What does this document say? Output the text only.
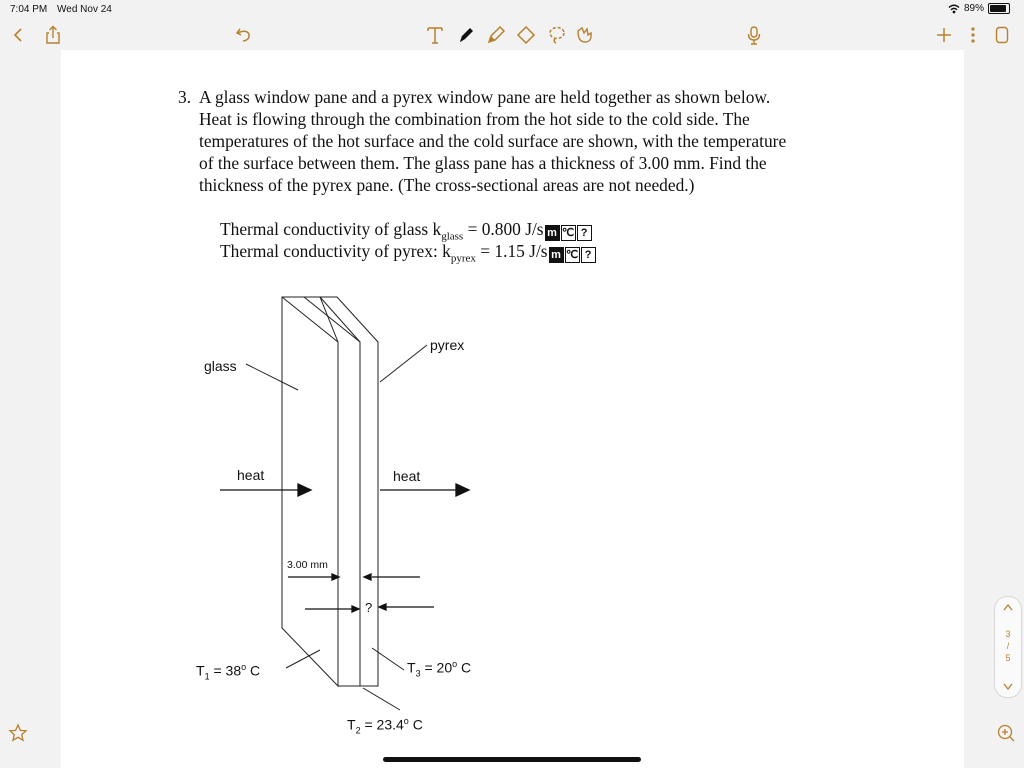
7:04 PM Wed Nov 24	89%
3. A glass window pane and a pyrex window pane are held together as shown below.
Heat is flowing through the combination from the hot side to the cold side. The
temperatures of the hot surface and the cold surface are shown, with the temperature
of the surface between them. The glass pane has a thickness of 3.00 mm. Find the
thickness of the pyrex pane. (The cross-sectional areas are not needed.)
Thermal conductivity of glass $k_{glass} = 0.800$ J/s m ℃ ?
Thermal conductivity of pyrex: $k_{pyrex} = 1.15$ J/s m ℃ ?
glass
pyrex
heat	heat
3.00 mm
?
$T_1 = 38^o$ C	$T_3 = 20^o$ C
$T_2 = 23.4^o$ C
3
/
5
